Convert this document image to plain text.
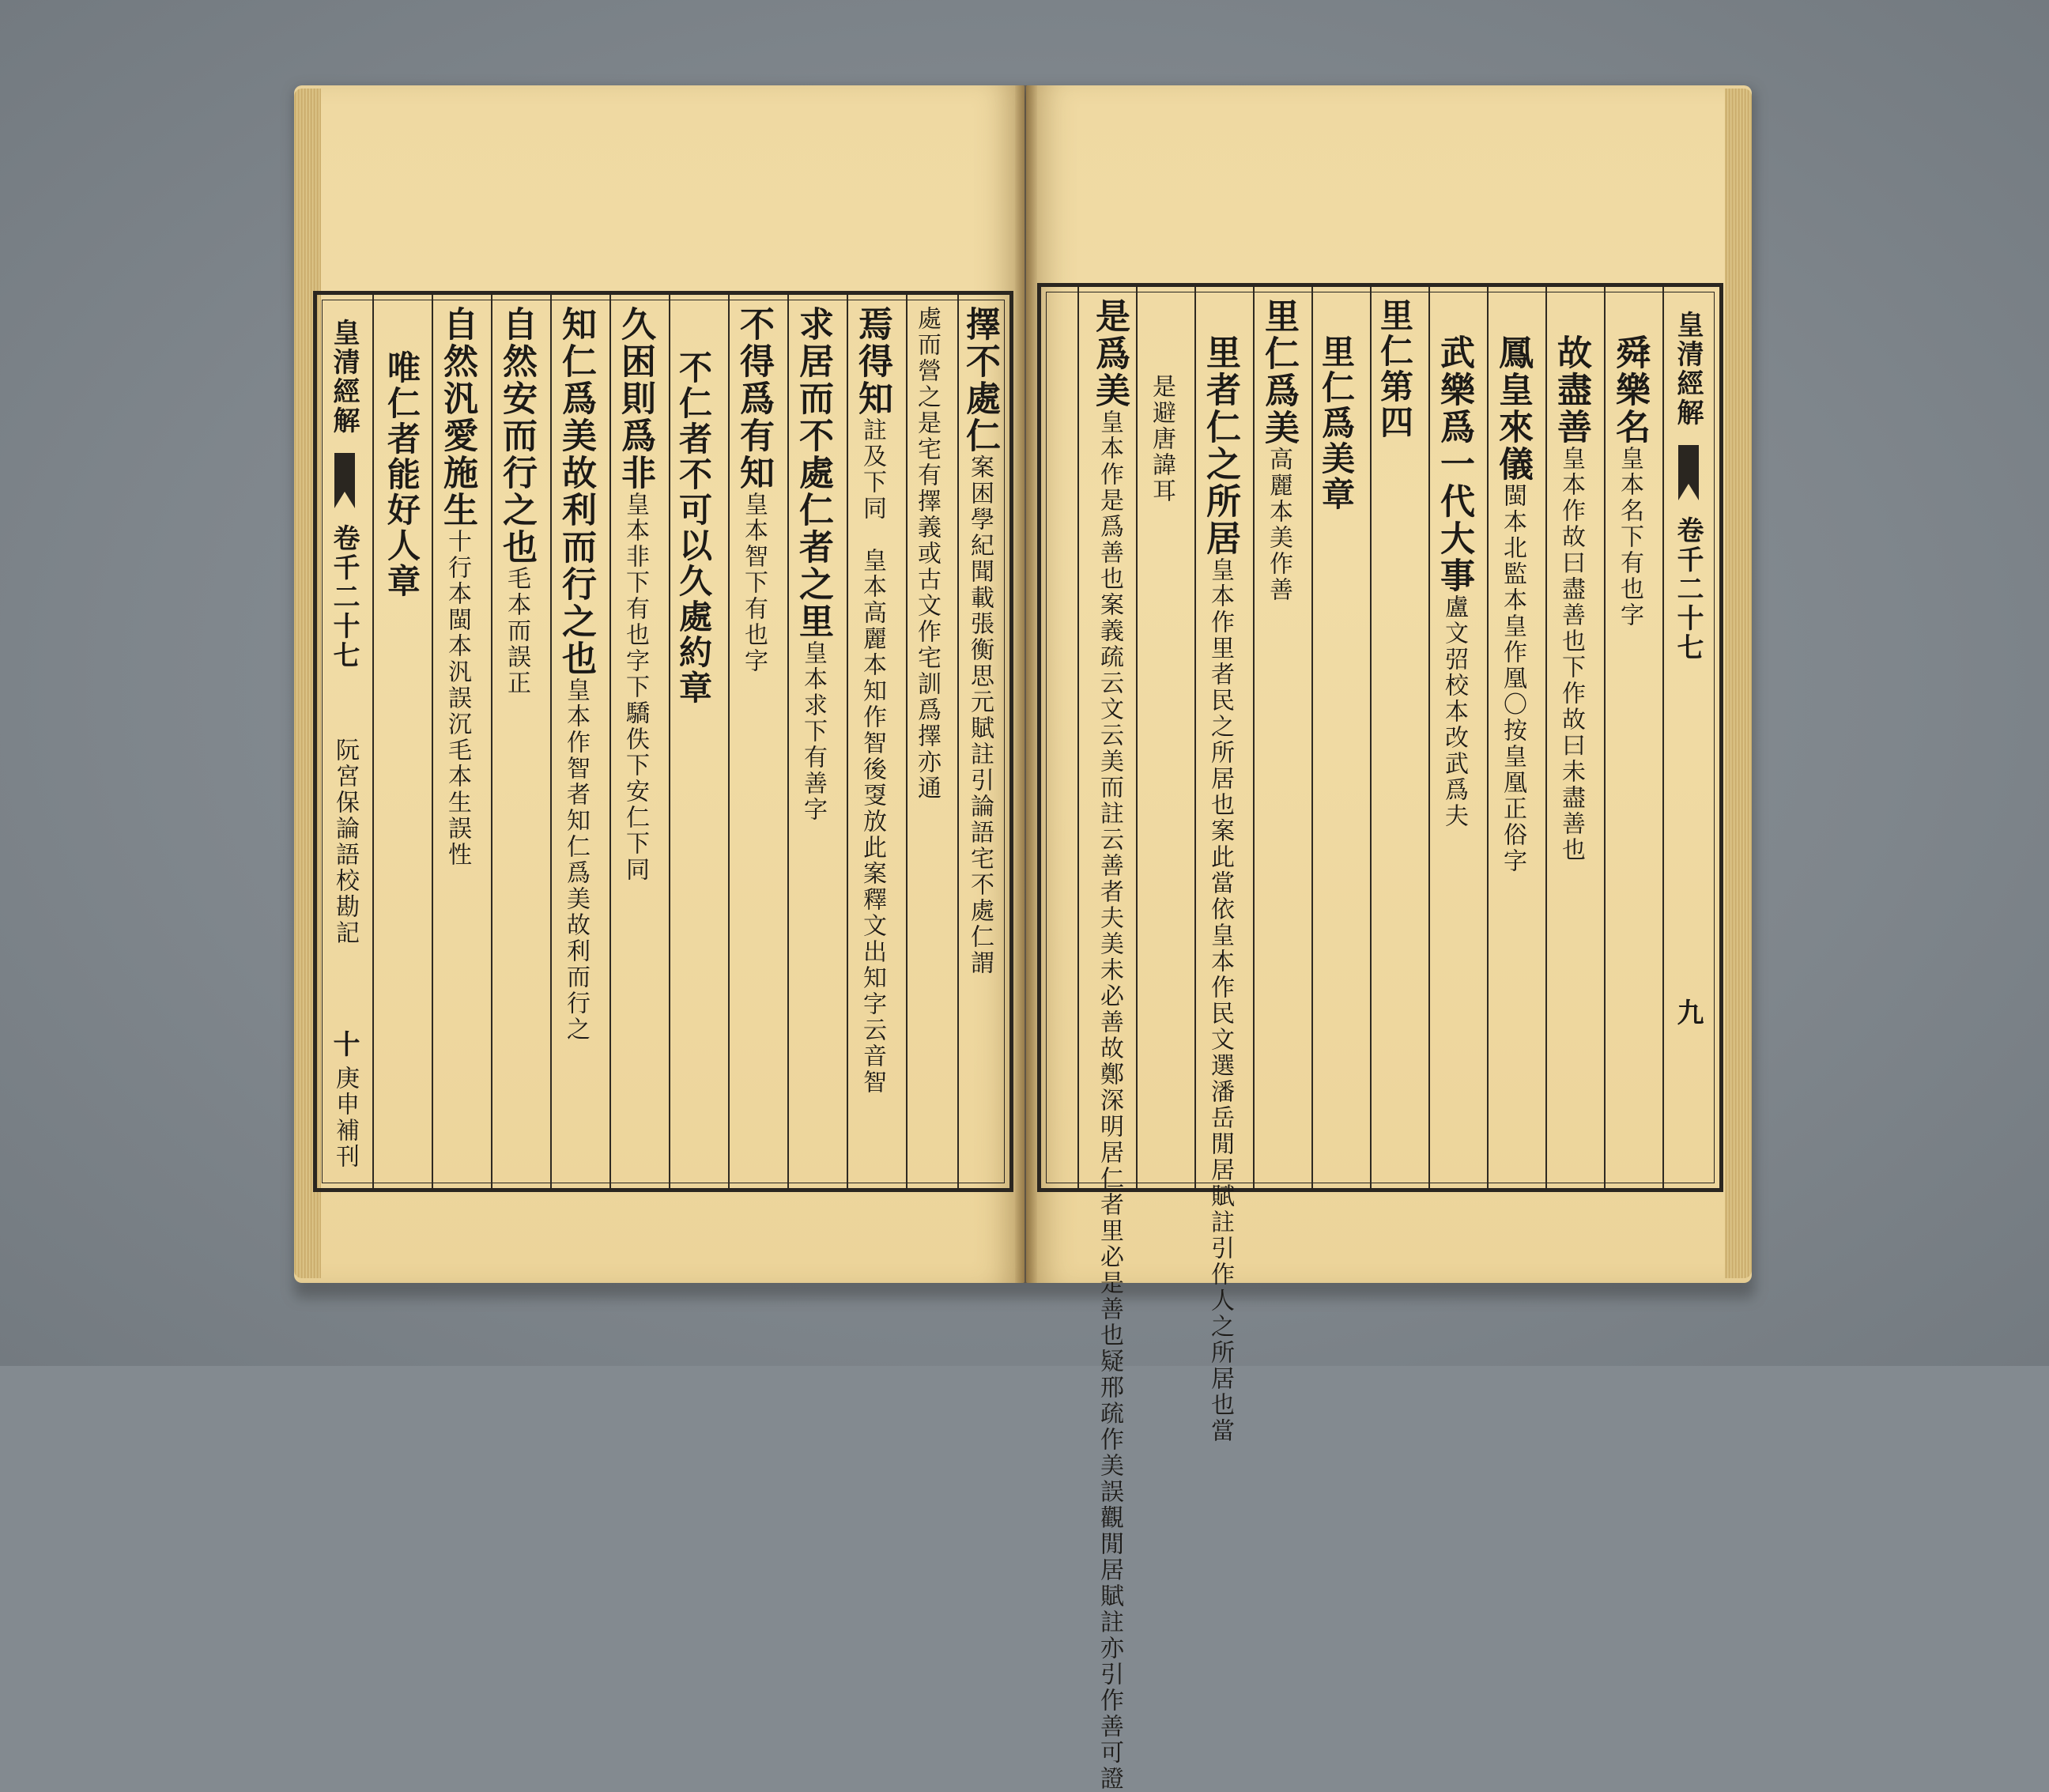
皇清經解
卷千二十七
阮宮保論語校勘記
十
庚申補刊
擇不處仁案困學紀聞載張衡思元賦註引論語宅不處仁謂
處而營之是宅有擇義或古文作宅訓爲擇亦通
焉得知註及下同　皇本高麗本知作智後㪅放此案釋文出知字云音智
求居而不處仁者之里皇本求下有善字
不得爲有知皇本智下有也字
不仁者不可以久處約章
久困則爲非皇本非下有也字下驕佚下安仁下同
知仁爲美故利而行之也皇本作智者知仁爲美故利而行之
自然安而行之也毛本而誤正
自然汎愛施生十行本閩本汎誤沉毛本生誤性
唯仁者能好人章	皇清經解
卷千二十七
九
舜樂名皇本名下有也字
故盡善皇本作故曰盡善也下作故曰未盡善也
鳳皇來儀閩本北監本皇作凰〇按皇凰正俗字
武樂爲一代大事盧文弨校本改武爲夫
里仁第四
里仁爲美章
里仁爲美高麗本美作善
里者仁之所居皇本作里者民之所居也案此當依皇本作民文選潘岳閒居賦註引作人之所居也當
是避唐諱耳
是爲美皇本作是爲善也案義疏云文云美而註云善者夫美未必善故鄭深明居仁者里必是善也疑邢疏作美誤觀閒居賦註亦引作善可證
